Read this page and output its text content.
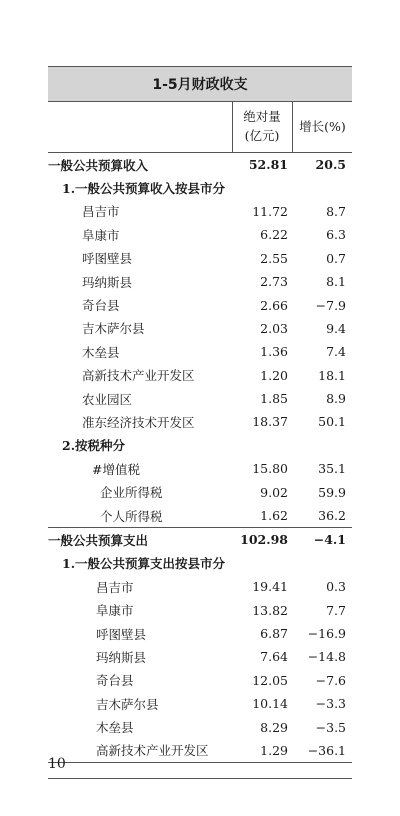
1-5月财政收支
绝对量
(亿元)
增长(%)
一般公共预算收入	52.81 20.5
1.一般公共预算收入按县市分
昌吉市	11.72	8.7
阜康市	6.22	6.3
呼图壁县	2.55	0.7
玛纳斯县	2.73	8.1
奇台县	2.66 −7.9
吉木萨尔县	2.03	9.4
木垒县	1.36	7.4
高新技术产业开发区	1.20 18.1
农业园区	1.85	8.9
准东经济技术开发区	18.37 50.1
2.按税种分
#增值税	15.80 35.1
企业所得税	9.02 59.9
个人所得税	1.62 36.2
一般公共预算支出	102.98 −4.1
1.一般公共预算支出按县市分
昌吉市	19.41	0.3
阜康市	13.82	7.7
呼图壁县	6.87 −16.9
玛纳斯县	7.64 −14.8
奇台县	12.05 −7.6
吉木萨尔县	10.14 −3.3
木垒县	8.29 −3.5
高新技术产业开发区	1.29 −36.1
10
